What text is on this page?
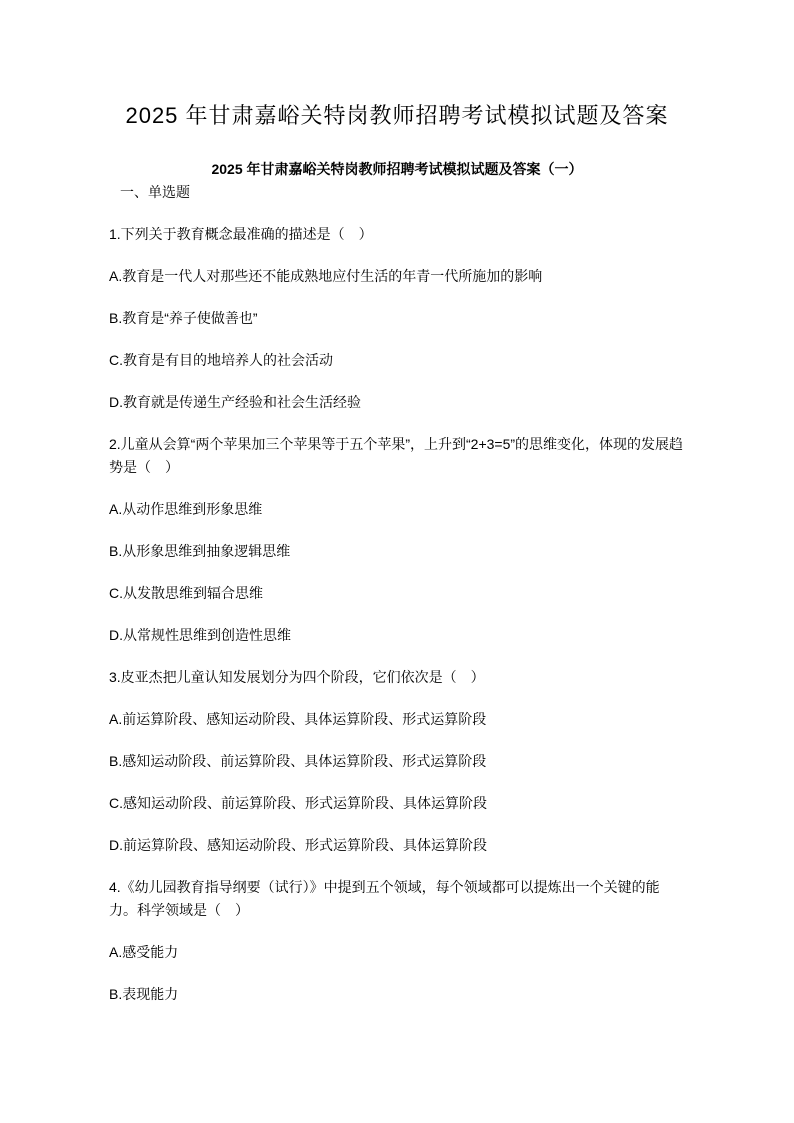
2025 年甘肃嘉峪关特岗教师招聘考试模拟试题及答案

2025 年甘肃嘉峪关特岗教师招聘考试模拟试题及答案（一）

一、单选题

1.下列关于教育概念最准确的描述是（　）

A.教育是一代人对那些还不能成熟地应付生活的年青一代所施加的影响

B.教育是“养子使做善也”

C.教育是有目的地培养人的社会活动

D.教育就是传递生产经验和社会生活经验

2.儿童从会算“两个苹果加三个苹果等于五个苹果”，上升到“2+3=5”的思维变化，体现的发展趋势是（　）

A.从动作思维到形象思维

B.从形象思维到抽象逻辑思维

C.从发散思维到辐合思维

D.从常规性思维到创造性思维

3.皮亚杰把儿童认知发展划分为四个阶段，它们依次是（　）

A.前运算阶段、感知运动阶段、具体运算阶段、形式运算阶段

B.感知运动阶段、前运算阶段、具体运算阶段、形式运算阶段

C.感知运动阶段、前运算阶段、形式运算阶段、具体运算阶段

D.前运算阶段、感知运动阶段、形式运算阶段、具体运算阶段

4.《幼儿园教育指导纲要（试行）》中提到五个领域，每个领域都可以提炼出一个关键的能力。科学领域是（　）

A.感受能力

B.表现能力
